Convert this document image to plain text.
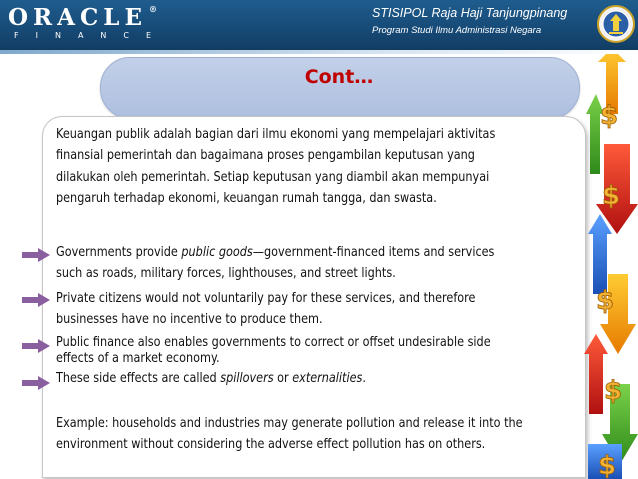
ORACLE ®
FINANCE
STISIPOL Raja Haji Tanjungpinang
Program Studi Ilmu Administrasi Negara
Cont…
Keuangan publik adalah bagian dari ilmu ekonomi yang mempelajari aktivitas
finansial pemerintah dan bagaimana proses pengambilan keputusan yang
dilakukan oleh pemerintah. Setiap keputusan yang diambil akan mempunyai
pengaruh terhadap ekonomi, keuangan rumah tangga, dan swasta.
Governments provide public goods—government-financed items and services
such as roads, military forces, lighthouses, and street lights.
Private citizens would not voluntarily pay for these services, and therefore
businesses have no incentive to produce them.
Public finance also enables governments to correct or offset undesirable side
effects of a market economy.
These side effects are called spillovers or externalities.
Example: households and industries may generate pollution and release it into the
environment without considering the adverse effect pollution has on others.
$
$
$
$
$
